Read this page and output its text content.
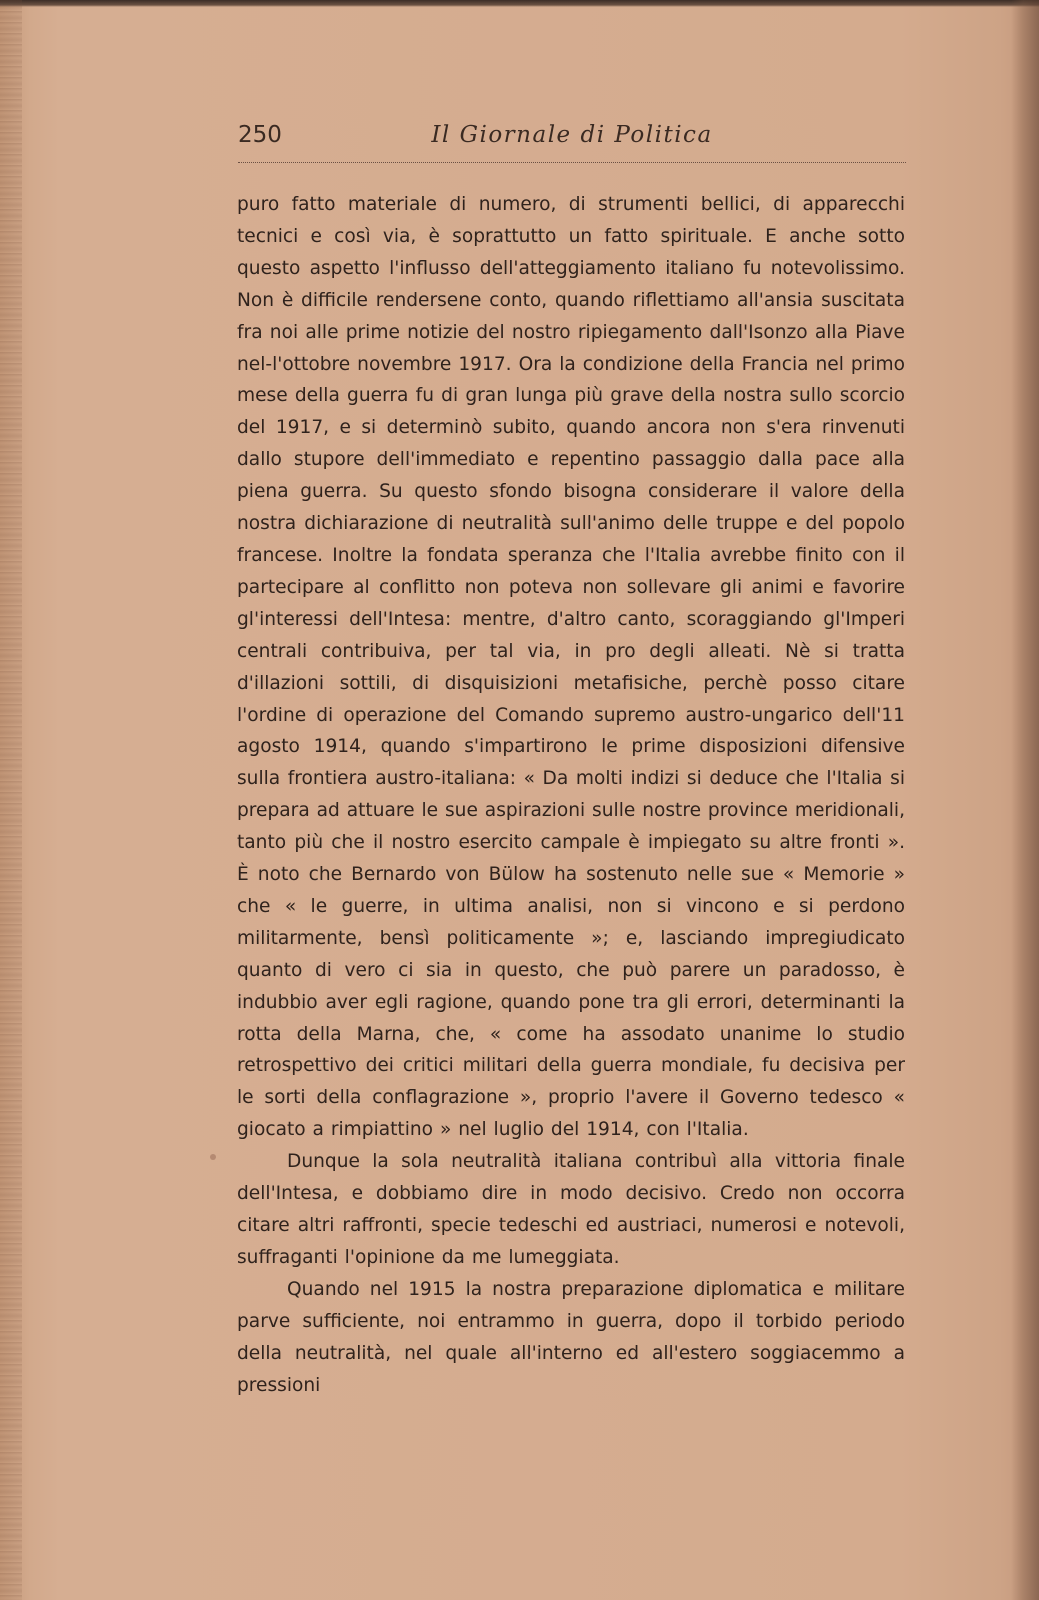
250	Il Giornale di Politica

puro fatto materiale di numero, di strumenti bellici, di apparecchi tecnici e così via, è soprattutto un fatto spirituale. E anche sotto questo aspetto l'influsso dell'atteggiamento italiano fu notevolissimo. Non è difficile rendersene conto, quando riflettiamo all'ansia suscitata fra noi alle prime notizie del nostro ripiegamento dall'Isonzo alla Piave nel-l'ottobre novembre 1917. Ora la condizione della Francia nel primo mese della guerra fu di gran lunga più grave della nostra sullo scorcio del 1917, e si determinò subito, quando ancora non s'era rinvenuti dallo stupore dell'immediato e repentino passaggio dalla pace alla piena guerra. Su questo sfondo bisogna considerare il valore della nostra dichiarazione di neutralità sull'animo delle truppe e del popolo francese. Inoltre la fondata speranza che l'Italia avrebbe finito con il partecipare al conflitto non poteva non sollevare gli animi e favorire gl'interessi dell'Intesa: mentre, d'altro canto, scoraggiando gl'Imperi centrali contribuiva, per tal via, in pro degli alleati. Nè si tratta d'illazioni sottili, di disquisizioni metafisiche, perchè posso citare l'ordine di operazione del Comando supremo austro-ungarico dell'11 agosto 1914, quando s'impartirono le prime disposizioni difensive sulla frontiera austro-italiana: « Da molti indizi si deduce che l'Italia si prepara ad attuare le sue aspirazioni sulle nostre province meridionali, tanto più che il nostro esercito campale è impiegato su altre fronti ». È noto che Bernardo von Bülow ha sostenuto nelle sue « Memorie » che « le guerre, in ultima analisi, non si vincono e si perdono militarmente, bensì politicamente »; e, lasciando impregiudicato quanto di vero ci sia in questo, che può parere un paradosso, è indubbio aver egli ragione, quando pone tra gli errori, determinanti la rotta della Marna, che, « come ha assodato unanime lo studio retrospettivo dei critici militari della guerra mondiale, fu decisiva per le sorti della conflagrazione », proprio l'avere il Governo tedesco « giocato a rimpiattino » nel luglio del 1914, con l'Italia.

Dunque la sola neutralità italiana contribuì alla vittoria finale dell'Intesa, e dobbiamo dire in modo decisivo. Credo non occorra citare altri raffronti, specie tedeschi ed austriaci, numerosi e notevoli, suffraganti l'opinione da me lumeggiata.

Quando nel 1915 la nostra preparazione diplomatica e militare parve sufficiente, noi entrammo in guerra, dopo il torbido periodo della neutralità, nel quale all'interno ed all'estero soggiacemmo a pressioni
